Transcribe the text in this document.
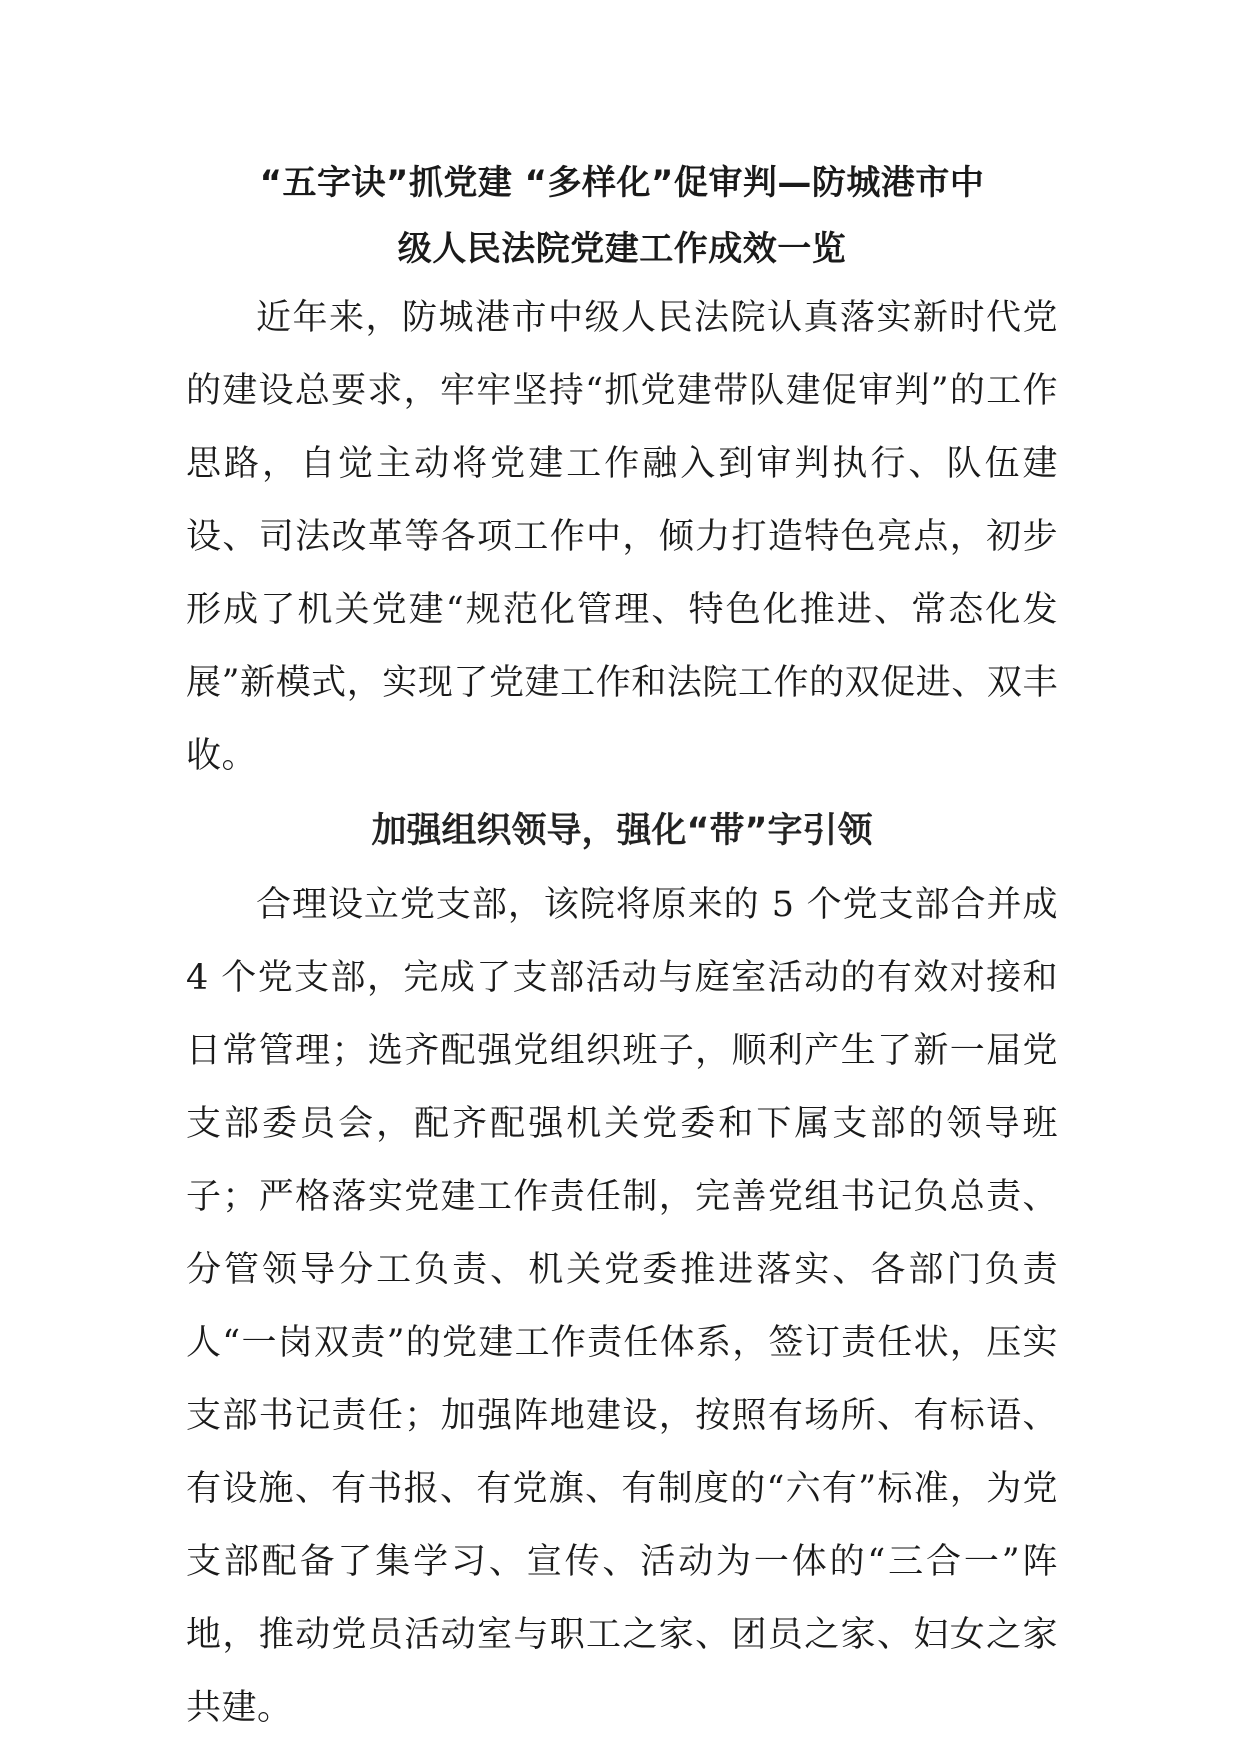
“五字诀”抓党建 “多样化”促审判—防城港市中
级人民法院党建工作成效一览

近年来，防城港市中级人民法院认真落实新时代党的建设总要求，牢牢坚持“抓党建带队建促审判”的工作思路，自觉主动将党建工作融入到审判执行、队伍建设、司法改革等各项工作中，倾力打造特色亮点，初步形成了机关党建“规范化管理、特色化推进、常态化发展”新模式，实现了党建工作和法院工作的双促进、双丰收。

加强组织领导，强化“带”字引领

合理设立党支部，该院将原来的 5 个党支部合并成 4 个党支部，完成了支部活动与庭室活动的有效对接和日常管理；选齐配强党组织班子，顺利产生了新一届党支部委员会，配齐配强机关党委和下属支部的领导班子；严格落实党建工作责任制，完善党组书记负总责、分管领导分工负责、机关党委推进落实、各部门负责人“一岗双责”的党建工作责任体系，签订责任状，压实支部书记责任；加强阵地建设，按照有场所、有标语、有设施、有书报、有党旗、有制度的“六有”标准，为党支部配备了集学习、宣传、活动为一体的“三合一”阵地，推动党员活动室与职工之家、团员之家、妇女之家共建。
